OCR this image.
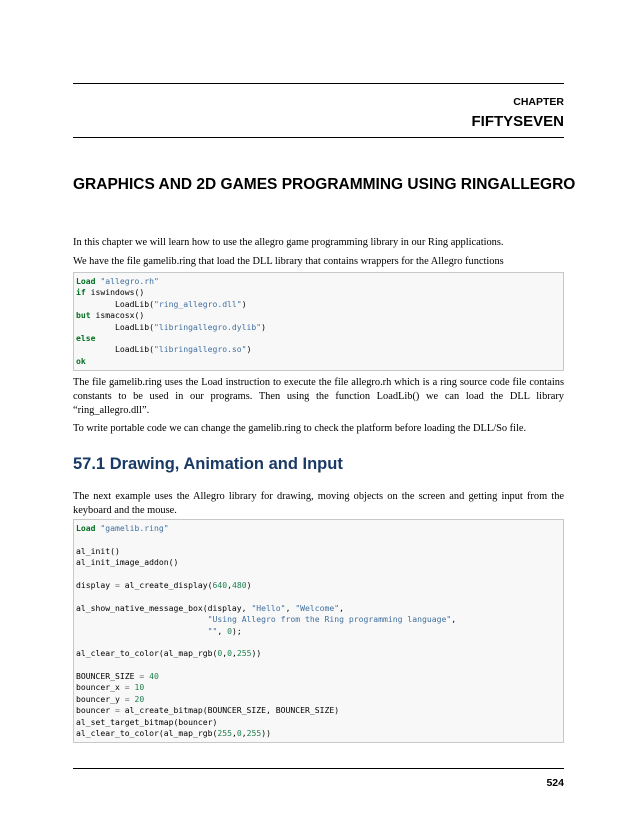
CHAPTER
FIFTYSEVEN
GRAPHICS AND 2D GAMES PROGRAMMING USING RINGALLEGRO
In this chapter we will learn how to use the allegro game programming library in our Ring applications.
We have the file gamelib.ring that load the DLL library that contains wrappers for the Allegro functions
Load "allegro.rh"
if iswindows()
LoadLib("ring_allegro.dll")
but ismacosx()
LoadLib("libringallegro.dylib")
else
LoadLib("libringallegro.so")
ok
The file gamelib.ring uses the Load instruction to execute the file allegro.rh which is a ring source code file contains constants to be used in our programs. Then using the function LoadLib() we can load the DLL library “ring_allegro.dll”.
To write portable code we can change the gamelib.ring to check the platform before loading the DLL/So file.
57.1 Drawing, Animation and Input
The next example uses the Allegro library for drawing, moving objects on the screen and getting input from the keyboard and the mouse.
Load "gamelib.ring"
al_init()
al_init_image_addon()
display = al_create_display(640,480)
al_show_native_message_box(display, "Hello", "Welcome",
"Using Allegro from the Ring programming language",
"", 0);
al_clear_to_color(al_map_rgb(0,0,255))
BOUNCER_SIZE = 40
bouncer_x = 10
bouncer_y = 20
bouncer = al_create_bitmap(BOUNCER_SIZE, BOUNCER_SIZE)
al_set_target_bitmap(bouncer)
al_clear_to_color(al_map_rgb(255,0,255))
524
